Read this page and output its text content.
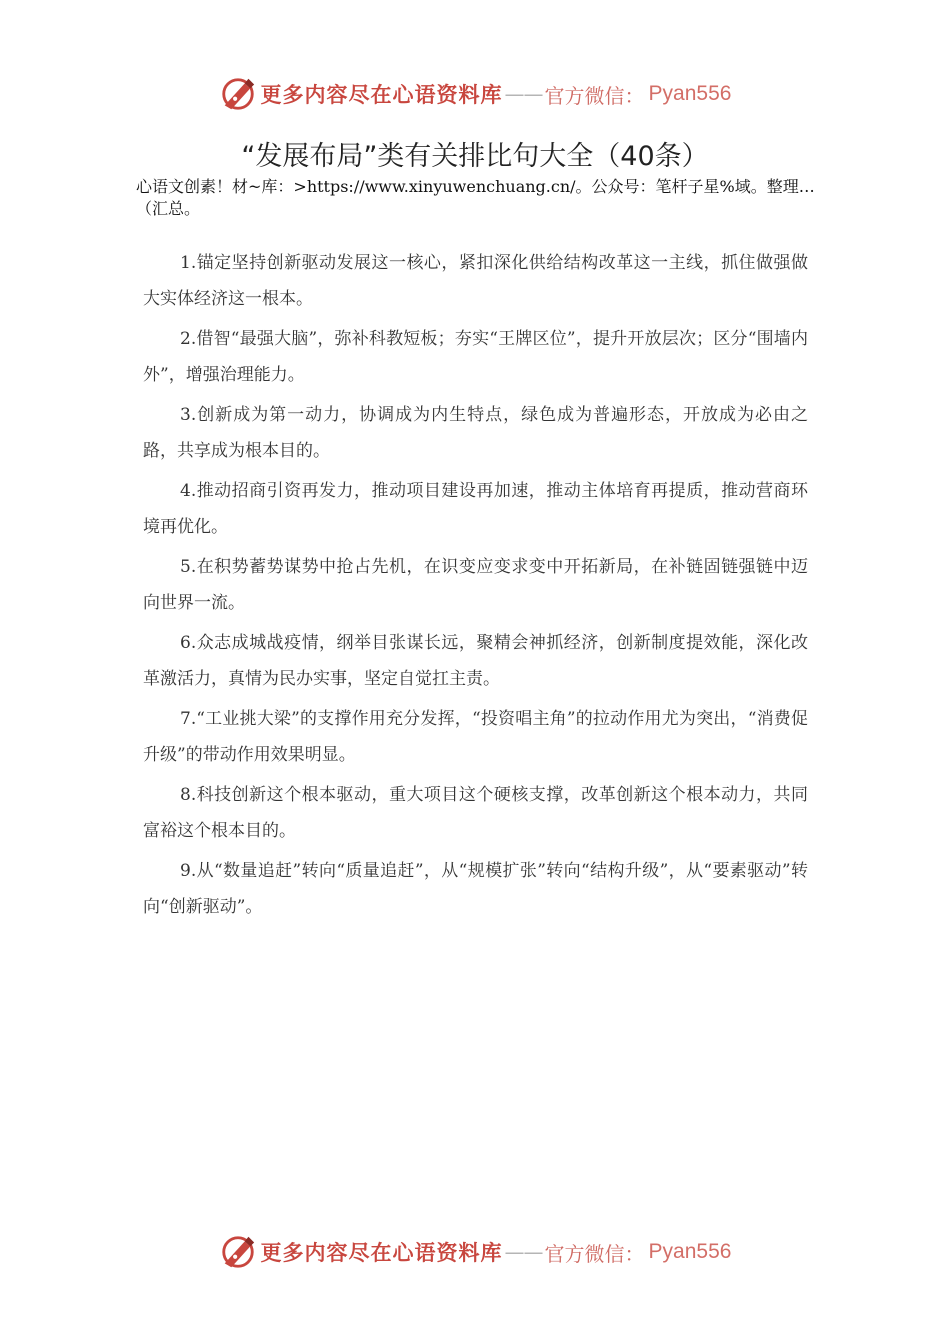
更多内容尽在心语资料库 —— 官方微信： Pyan556
“发展布局”类有关排比句大全（40条）
心语文创素！材~库：>https://www.xinyuwenchuang.cn/。公众号：笔杆子星%域。整理…（汇总。
1.锚定坚持创新驱动发展这一核心，紧扣深化供给结构改革这一主线，抓住做强做大实体经济这一根本。
2.借智“最强大脑”，弥补科教短板；夯实“王牌区位”，提升开放层次；区分“围墙内外”，增强治理能力。
3.创新成为第一动力，协调成为内生特点，绿色成为普遍形态，开放成为必由之路，共享成为根本目的。
4.推动招商引资再发力，推动项目建设再加速，推动主体培育再提质，推动营商环境再优化。
5.在积势蓄势谋势中抢占先机，在识变应变求变中开拓新局，在补链固链强链中迈向世界一流。
6.众志成城战疫情，纲举目张谋长远，聚精会神抓经济，创新制度提效能，深化改革激活力，真情为民办实事，坚定自觉扛主责。
7.“工业挑大梁”的支撑作用充分发挥，“投资唱主角”的拉动作用尤为突出，“消费促升级”的带动作用效果明显。
8.科技创新这个根本驱动，重大项目这个硬核支撑，改革创新这个根本动力，共同富裕这个根本目的。
9.从“数量追赶”转向“质量追赶”，从“规模扩张”转向“结构升级”，从“要素驱动”转向“创新驱动”。
更多内容尽在心语资料库 —— 官方微信： Pyan556
